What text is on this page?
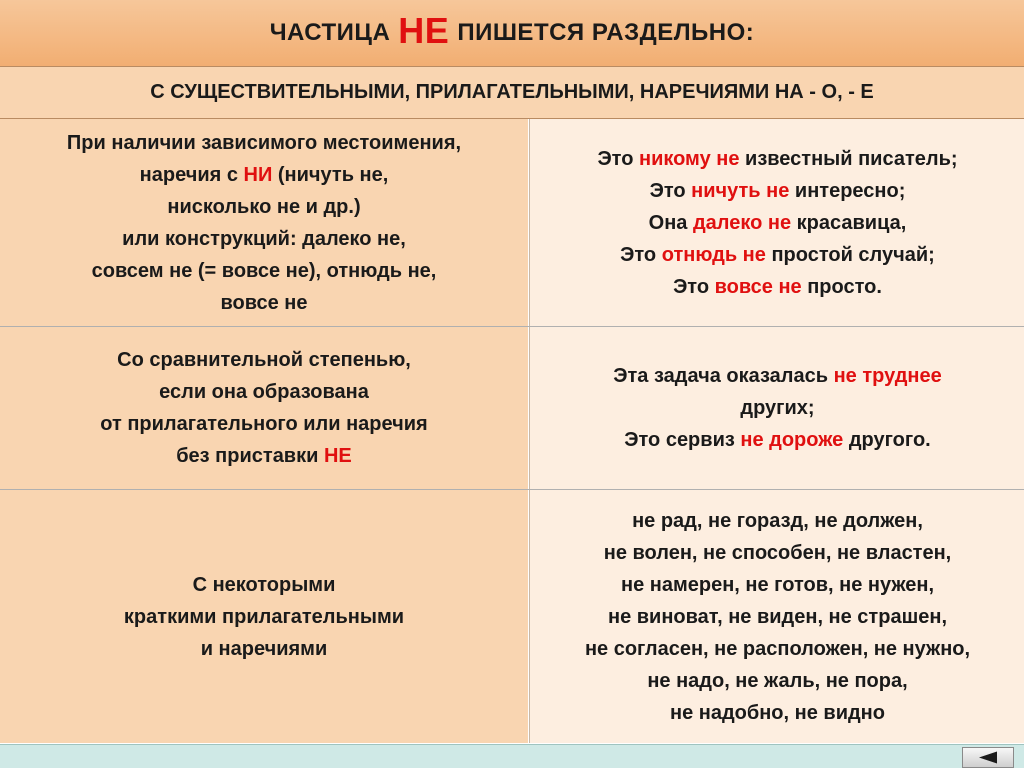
ЧАСТИЦА НЕ ПИШЕТСЯ РАЗДЕЛЬНО:
С СУЩЕСТВИТЕЛЬНЫМИ, ПРИЛАГАТЕЛЬНЫМИ, НАРЕЧИЯМИ НА - О, - Е
При наличии зависимого местоимения,
наречия с НИ (ничуть не,
нисколько не и др.)
или конструкций: далеко не,
совсем не (= вовсе не), отнюдь не,
вовсе не
Это никому не известный писатель;
Это ничуть не интересно;
Она далеко не красавица,
Это отнюдь не простой случай;
Это вовсе не просто.
Со сравнительной степенью,
если она образована
от прилагательного или наречия
без приставки НЕ
Эта задача оказалась не труднее
других;
Это сервиз не дороже другого.
С некоторыми
краткими прилагательными
и наречиями
не рад, не горазд, не должен,
не волен, не способен, не властен,
не намерен, не готов, не нужен,
не виноват, не виден, не страшен,
не согласен, не расположен, не нужно,
не надо, не жаль, не пора,
не надобно, не видно
